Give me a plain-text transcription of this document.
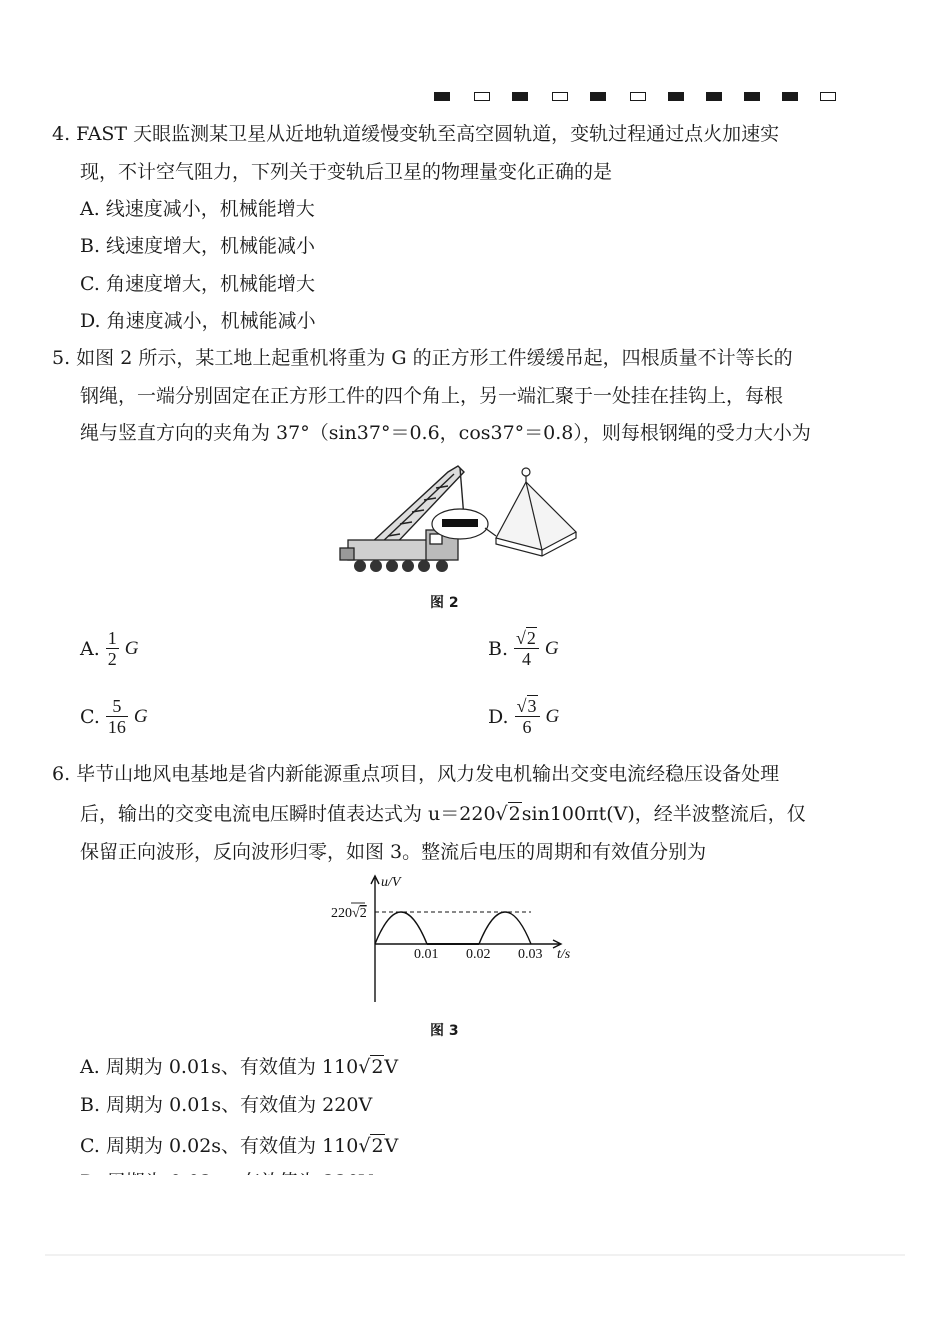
4. FAST 天眼监测某卫星从近地轨道缓慢变轨至高空圆轨道，变轨过程通过点火加速实
现，不计空气阻力，下列关于变轨后卫星的物理量变化正确的是
A. 线速度减小，机械能增大
B. 线速度增大，机械能减小
C. 角速度增大，机械能增大
D. 角速度减小，机械能减小
5. 如图 2 所示，某工地上起重机将重为 G 的正方形工件缓缓吊起，四根质量不计等长的
钢绳，一端分别固定在正方形工件的四个角上，另一端汇聚于一处挂在挂钩上，每根
绳与竖直方向的夹角为 37°（sin37°＝0.6，cos37°＝0.8），则每根钢绳的受力大小为
图 2
A. $\frac{1}{2}$ G	B. $\frac{√2}{4}$ G
C. $\frac{5}{16}$ G	D. $\frac{√3}{6}$ G
6. 毕节山地风电基地是省内新能源重点项目，风力发电机输出交变电流经稳压设备处理
后，输出的交变电流电压瞬时值表达式为 u＝220√2sin100πt(V)，经半波整流后，仅
保留正向波形，反向波形归零，如图 3。整流后电压的周期和有效值分别为
u/V
220√2
0.01 0.02 0.03 t/s
图 3
A. 周期为 0.01s、有效值为 110√2V
B. 周期为 0.01s、有效值为 220V
C. 周期为 0.02s、有效值为 110√2V
